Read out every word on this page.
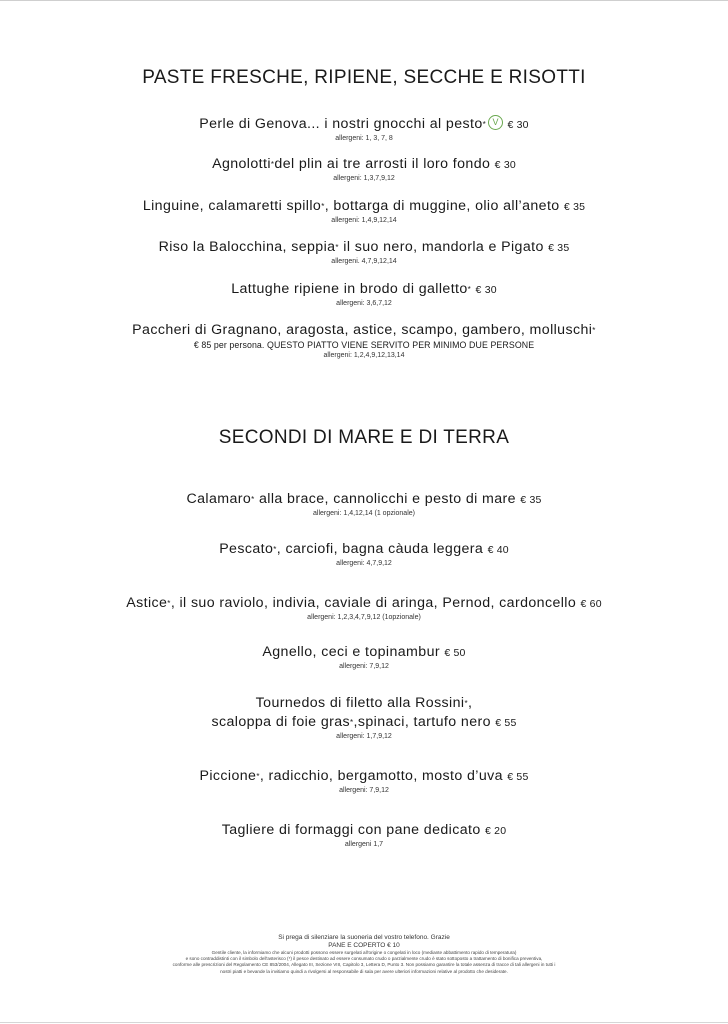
PASTE FRESCHE, RIPIENE, SECCHE E RISOTTI
Perle di Genova... i nostri gnocchi al pesto* V € 30
allergeni: 1, 3, 7, 8
Agnolotti*del plin ai tre arrosti il loro fondo € 30
allergeni: 1,3,7,9,12
Linguine, calamaretti spillo*, bottarga di muggine, olio all’aneto € 35
allergeni: 1,4,9,12,14
Riso la Balocchina, seppia* il suo nero, mandorla e Pigato € 35
allergeni. 4,7,9,12,14
Lattughe ripiene in brodo di galletto* € 30
allergeni: 3,6,7,12
Paccheri di Gragnano, aragosta, astice, scampo, gambero, molluschi*
€ 85 per persona. QUESTO PIATTO VIENE SERVITO PER MINIMO DUE PERSONE
allergeni: 1,2,4,9,12,13,14
SECONDI DI MARE E DI TERRA
Calamaro* alla brace, cannolicchi e pesto di mare € 35
allergeni: 1,4,12,14 (1 opzionale)
Pescato*, carciofi, bagna càuda leggera € 40
allergeni: 4,7,9,12
Astice*, il suo raviolo, indivia, caviale di aringa, Pernod, cardoncello € 60
allergeni: 1,2,3,4,7,9,12 (1opzionale)
Agnello, ceci e topinambur € 50
allergeni: 7,9,12
Tournedos di filetto alla Rossini*,
scaloppa di foie gras*,spinaci, tartufo nero € 55
allergeni: 1,7,9,12
Piccione*, radicchio, bergamotto, mosto d’uva € 55
allergeni: 7,9,12
Tagliere di formaggi con pane dedicato € 20
allergeni 1,7
Si prega di silenziare la suoneria del vostro telefono. Grazie
PANE E COPERTO € 10
Gentile cliente, la informiamo che alcuni prodotti possono essere surgelati all'origine o congelati in loco (mediante abbattimento rapido di temperatura)
e sono contraddistinti con il simbolo dell'asterisco (*) il pesce destinato ad essere consumato crudo o parzialmente crudo è stato sottoposto a trattamento di bonifica preventiva,
conforme alle prescrizioni del Regolamento CE 853/2004, Allegato III, Sezione VIII, Capitolo 3, Lettera D, Punto 3. Non possiamo garantire la totale assenza di tracce di tali allergeni in tutti i
nostri piatti e bevande la invitiamo quindi a rivolgersi al responsabile di sala per avere ulteriori informazioni relative al prodotto che desiderate.
